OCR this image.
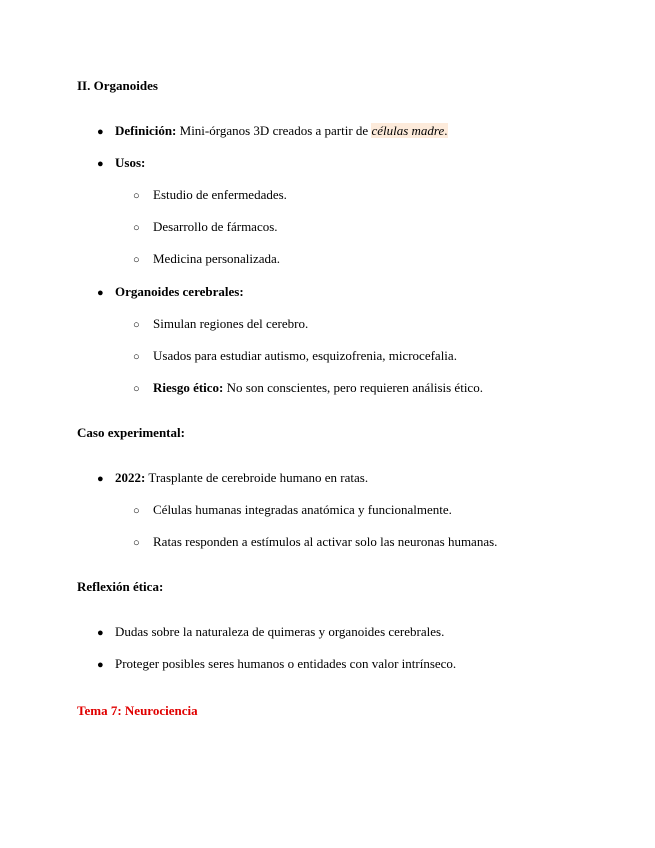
II. Organoides
● Definición: Mini-órganos 3D creados a partir de células madre.
● Usos:
○ Estudio de enfermedades.
○ Desarrollo de fármacos.
○ Medicina personalizada.
● Organoides cerebrales:
○ Simulan regiones del cerebro.
○ Usados para estudiar autismo, esquizofrenia, microcefalia.
○ Riesgo ético: No son conscientes, pero requieren análisis ético.
Caso experimental:
● 2022: Trasplante de cerebroide humano en ratas.
○ Células humanas integradas anatómica y funcionalmente.
○ Ratas responden a estímulos al activar solo las neuronas humanas.
Reflexión ética:
● Dudas sobre la naturaleza de quimeras y organoides cerebrales.
● Proteger posibles seres humanos o entidades con valor intrínseco.
Tema 7: Neurociencia
